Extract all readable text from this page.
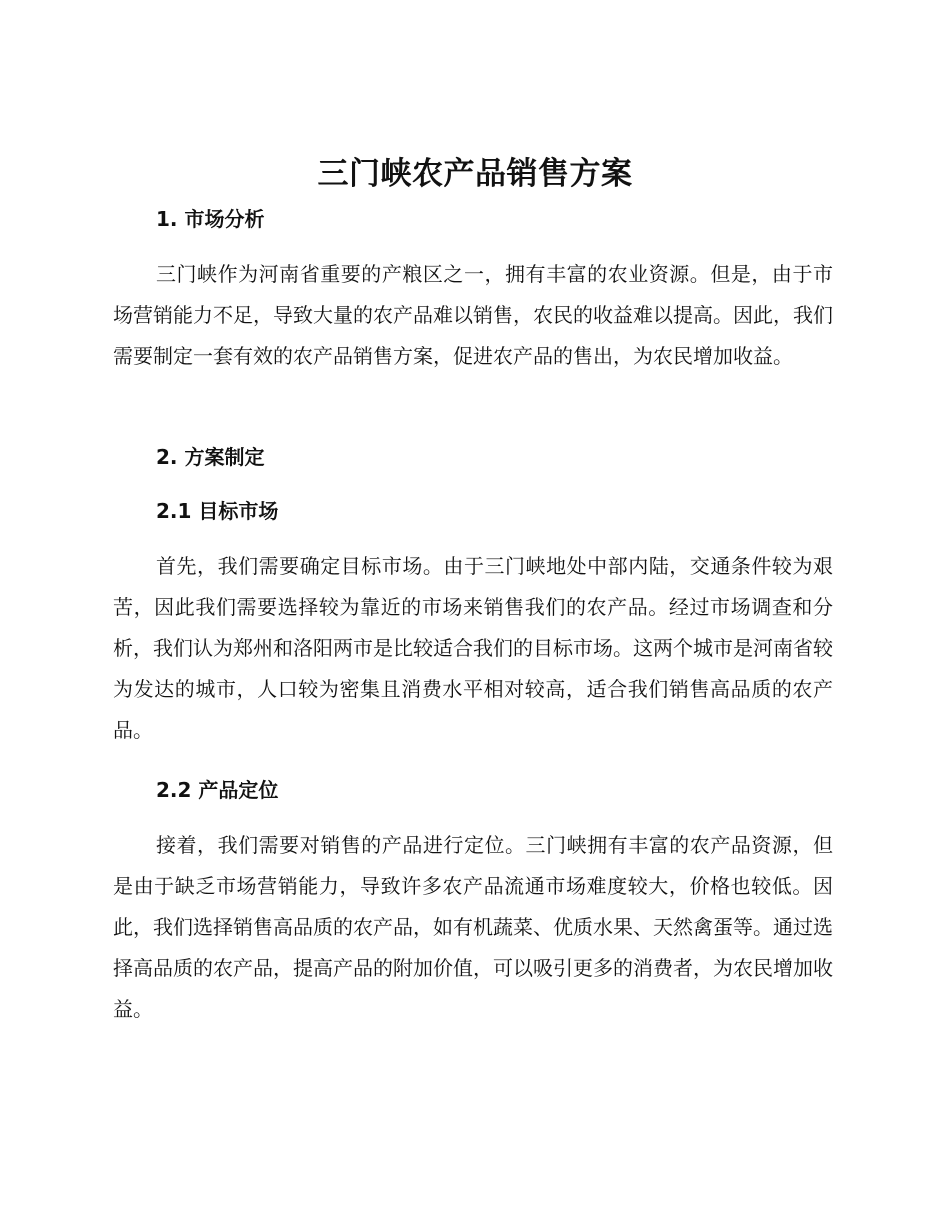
三门峡农产品销售方案
1. 市场分析

三门峡作为河南省重要的产粮区之一，拥有丰富的农业资源。但是，由于市场营销能力不足，导致大量的农产品难以销售，农民的收益难以提高。因此，我们需要制定一套有效的农产品销售方案，促进农产品的售出，为农民增加收益。

2. 方案制定
2.1 目标市场

首先，我们需要确定目标市场。由于三门峡地处中部内陆，交通条件较为艰苦，因此我们需要选择较为靠近的市场来销售我们的农产品。经过市场调查和分析，我们认为郑州和洛阳两市是比较适合我们的目标市场。这两个城市是河南省较为发达的城市，人口较为密集且消费水平相对较高，适合我们销售高品质的农产品。

2.2 产品定位

接着，我们需要对销售的产品进行定位。三门峡拥有丰富的农产品资源，但是由于缺乏市场营销能力，导致许多农产品流通市场难度较大，价格也较低。因此，我们选择销售高品质的农产品，如有机蔬菜、优质水果、天然禽蛋等。通过选择高品质的农产品，提高产品的附加价值，可以吸引更多的消费者，为农民增加收益。
